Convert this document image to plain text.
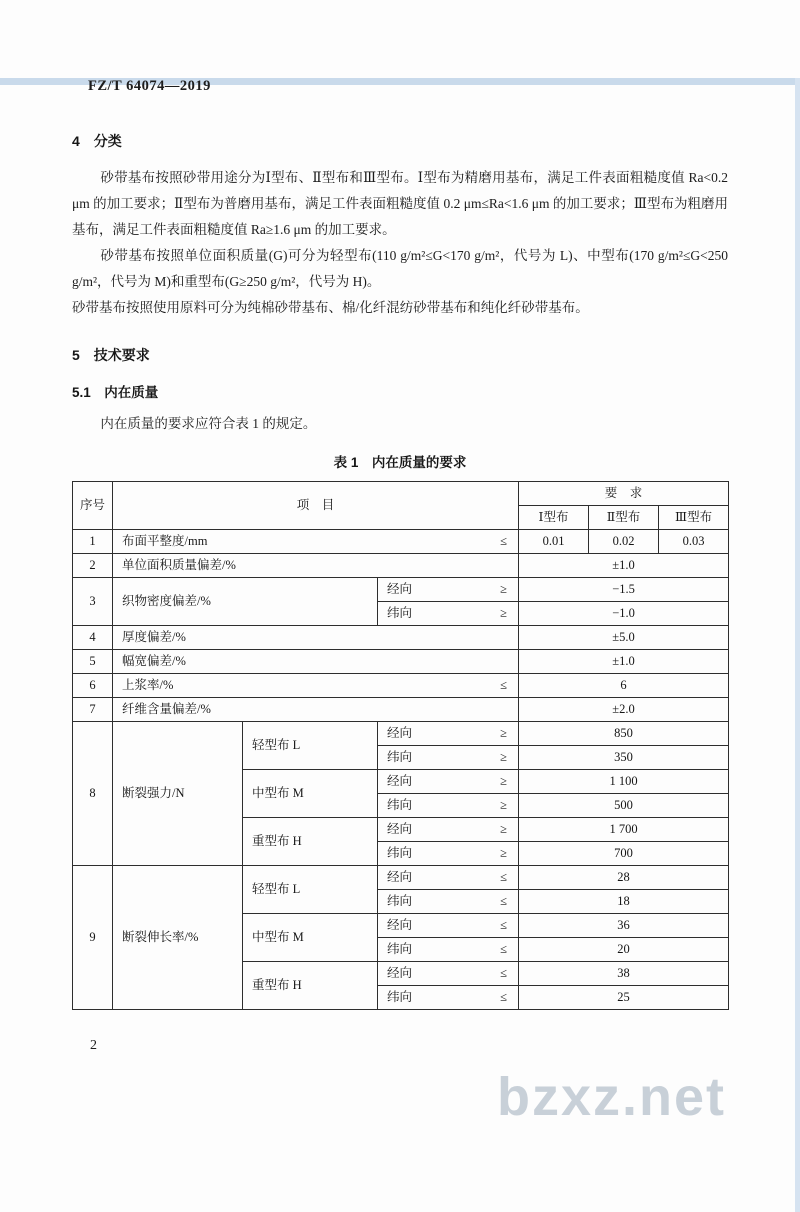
FZ/T 64074—2019
4　分类

砂带基布按照砂带用途分为Ⅰ型布、Ⅱ型布和Ⅲ型布。Ⅰ型布为精磨用基布，满足工件表面粗糙度值 Ra<0.2 μm 的加工要求；Ⅱ型布为普磨用基布，满足工件表面粗糙度值 0.2 μm≤Ra<1.6 μm 的加工要求；Ⅲ型布为粗磨用基布，满足工件表面粗糙度值 Ra≥1.6 μm 的加工要求。

砂带基布按照单位面积质量(G)可分为轻型布(110 g/m²≤G<170 g/m²，代号为 L)、中型布(170 g/m²≤G<250 g/m²，代号为 M)和重型布(G≥250 g/m²，代号为 H)。

砂带基布按照使用原料可分为纯棉砂带基布、棉/化纤混纺砂带基布和纯化纤砂带基布。

5　技术要求
5.1　内在质量

内在质量的要求应符合表 1 的规定。

表 1　内在质量的要求
序号	项　目			要　求		
				Ⅰ型布	Ⅱ型布	Ⅲ型布
1	布面平整度/mm ≤			0.01	0.02	0.03
2	单位面积质量偏差/%			±1.0		
3	织物密度偏差/%		经向 ≥	−1.5		

			纬向 ≥	−1.0		
4	厚度偏差/%			±5.0		
5	幅宽偏差/%			±1.0		
6	上浆率/% ≤			6		
7	纤维含量偏差/%			±2.0		
8	断裂强力/N	轻型布 L	经向 ≥	850		

			纬向 ≥	350		
		中型布 M	经向 ≥	1 100		

			纬向 ≥	500		
		重型布 H	经向 ≥	1 700		

			纬向 ≥	700		
9	断裂伸长率/%	轻型布 L	经向 ≤	28		

			纬向 ≤	18		
		中型布 M	经向 ≤	36		

			纬向 ≤	20		
		重型布 H	经向 ≤	38		

			纬向 ≤	25		
2
bzxz.net
